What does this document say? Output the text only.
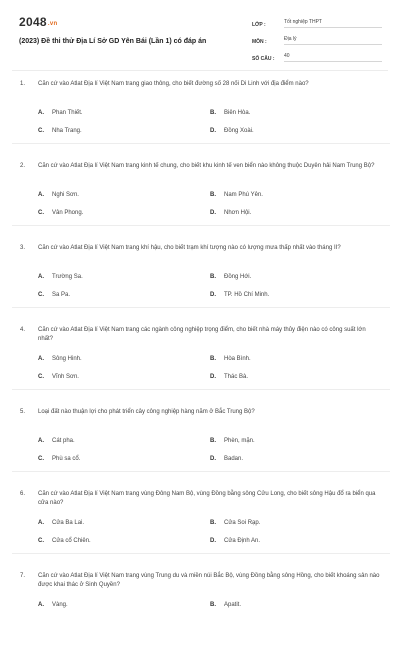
2048.vn
(2023) Đề thi thử Địa Lí Sở GD Yên Bái (Lần 1) có đáp án
LỚP :	Tốt nghiệp THPT
MÔN :	Địa lý
SỐ CÂU :	40
1.	Căn cứ vào Atlat Địa lí Việt Nam trang giao thông, cho biết đường số 28 nối Di Linh với địa điểm nào?
A. Phan Thiết.	B. Biên Hòa.
C. Nha Trang.	D. Đồng Xoài.
2.	Căn cứ vào Atlat Địa lí Việt Nam trang kinh tế chung, cho biết khu kinh tế ven biển nào không thuộc Duyên hải Nam Trung Bộ?
A. Nghi Sơn.	B. Nam Phú Yên.
C. Vân Phong.	D. Nhơn Hội.
3.	Căn cứ vào Atlat Địa lí Việt Nam trang khí hậu, cho biết trạm khí tượng nào có lượng mưa thấp nhất vào tháng II?
A. Trường Sa.	B. Đồng Hới.
C. Sa Pa.	D. TP. Hồ Chí Minh.
4.	Căn cứ vào Atlat Địa lí Việt Nam trang các ngành công nghiệp trọng điểm, cho biết nhà máy thủy điện nào có công suất lớn nhất?
A. Sông Hinh.	B. Hòa Bình.
C. Vĩnh Sơn.	D. Thác Bà.
5.	Loại đất nào thuận lợi cho phát triển cây công nghiệp hàng năm ở Bắc Trung Bộ?
A. Cát pha.	B. Phèn, mặn.
C. Phù sa cổ.	D. Badan.
6.	Căn cứ vào Atlat Địa lí Việt Nam trang vùng Đông Nam Bộ, vùng Đồng bằng sông Cửu Long, cho biết sông Hậu đổ ra biển qua cửa nào?
A. Cửa Ba Lai.	B. Cửa Soi Rạp.
C. Cửa cổ Chiên.	D. Cửa Định An.
7.	Căn cứ vào Atlat Địa lí Việt Nam trang vùng Trung du và miền núi Bắc Bộ, vùng Đồng bằng sông Hồng, cho biết khoáng sản nào được khai thác ở Sinh Quyền?
A. Vàng.	B. Apatit.
